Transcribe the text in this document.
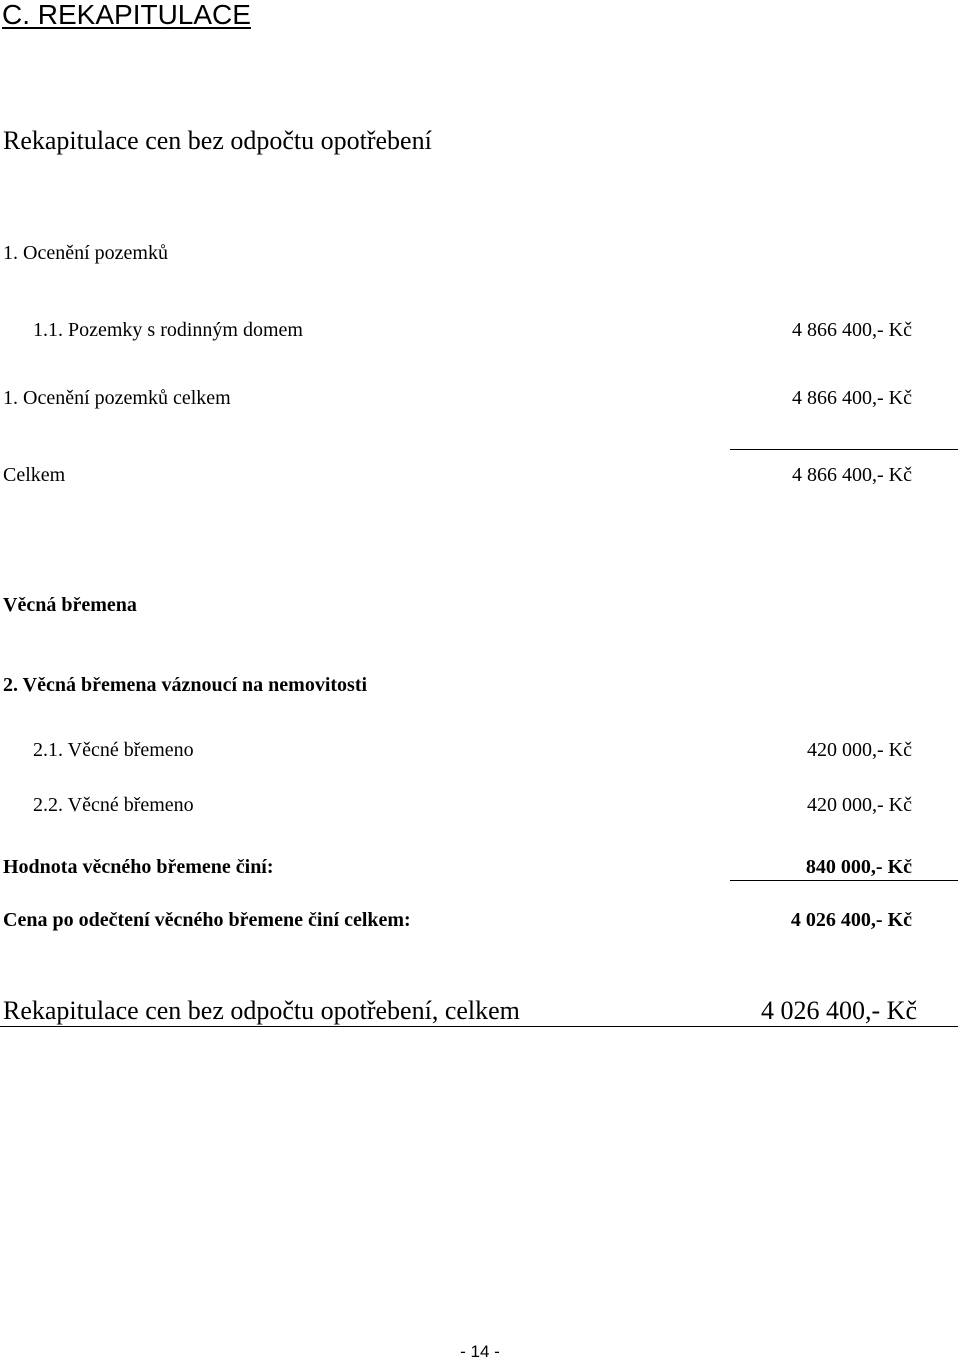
C. REKAPITULACE
Rekapitulace cen bez odpočtu opotřebení
1. Ocenění pozemků
1.1. Pozemky s rodinným domem	4 866 400,- Kč
1. Ocenění pozemků celkem	4 866 400,- Kč
Celkem	4 866 400,- Kč
Věcná břemena
2. Věcná břemena váznoucí na nemovitosti
2.1. Věcné břemeno	420 000,- Kč
2.2. Věcné břemeno	420 000,- Kč
Hodnota věcného břemene činí:	840 000,- Kč
Cena po odečtení věcného břemene činí celkem:	4 026 400,- Kč
Rekapitulace cen bez odpočtu opotřebení, celkem	4 026 400,- Kč
- 14 -
